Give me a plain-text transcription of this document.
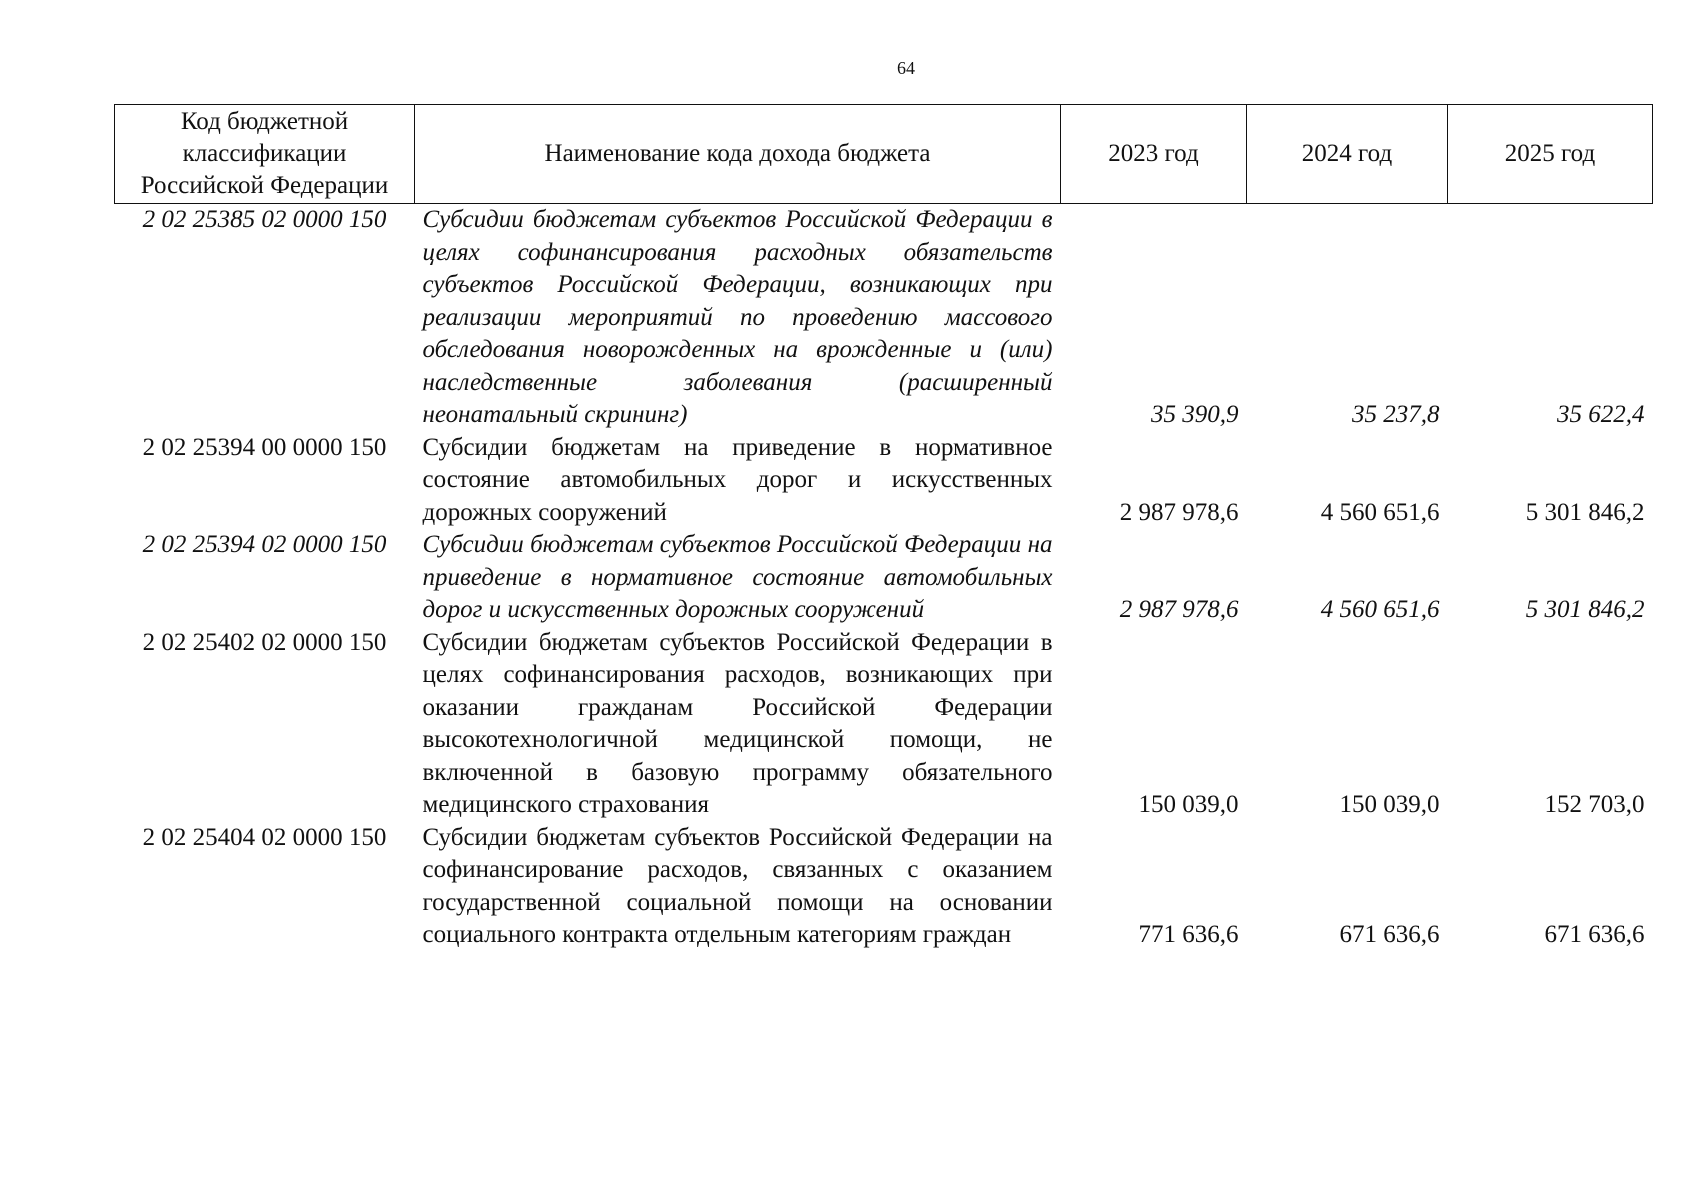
64
Код бюджетной классификации Российской Федерации	Наименование кода дохода бюджета	2023 год	2024 год	2025 год
2 02 25385 02 0000 150	Субсидии бюджетам субъектов Российской Федерации в целях софинансирования расходных обязательств субъектов Российской Федерации, возникающих при реализации мероприятий по проведению массового обследования новорожденных на врожденные и (или) наследственные заболевания (расширенный неонатальный скрининг)	35 390,9	35 237,8	35 622,4
2 02 25394 00 0000 150	Субсидии бюджетам на приведение в нормативное состояние автомобильных дорог и искусственных дорожных сооружений	2 987 978,6	4 560 651,6	5 301 846,2
2 02 25394 02 0000 150	Субсидии бюджетам субъектов Российской Федерации на приведение в нормативное состояние автомобильных дорог и искусственных дорожных сооружений	2 987 978,6	4 560 651,6	5 301 846,2
2 02 25402 02 0000 150	Субсидии бюджетам субъектов Российской Федерации в целях софинансирования расходов, возникающих при оказании гражданам Российской Федерации высокотехнологичной медицинской помощи, не включенной в базовую программу обязательного медицинского страхования	150 039,0	150 039,0	152 703,0
2 02 25404 02 0000 150	Субсидии бюджетам субъектов Российской Федерации на софинансирование расходов, связанных с оказанием государственной социальной помощи на основании социального контракта отдельным категориям граждан	771 636,6	671 636,6	671 636,6
